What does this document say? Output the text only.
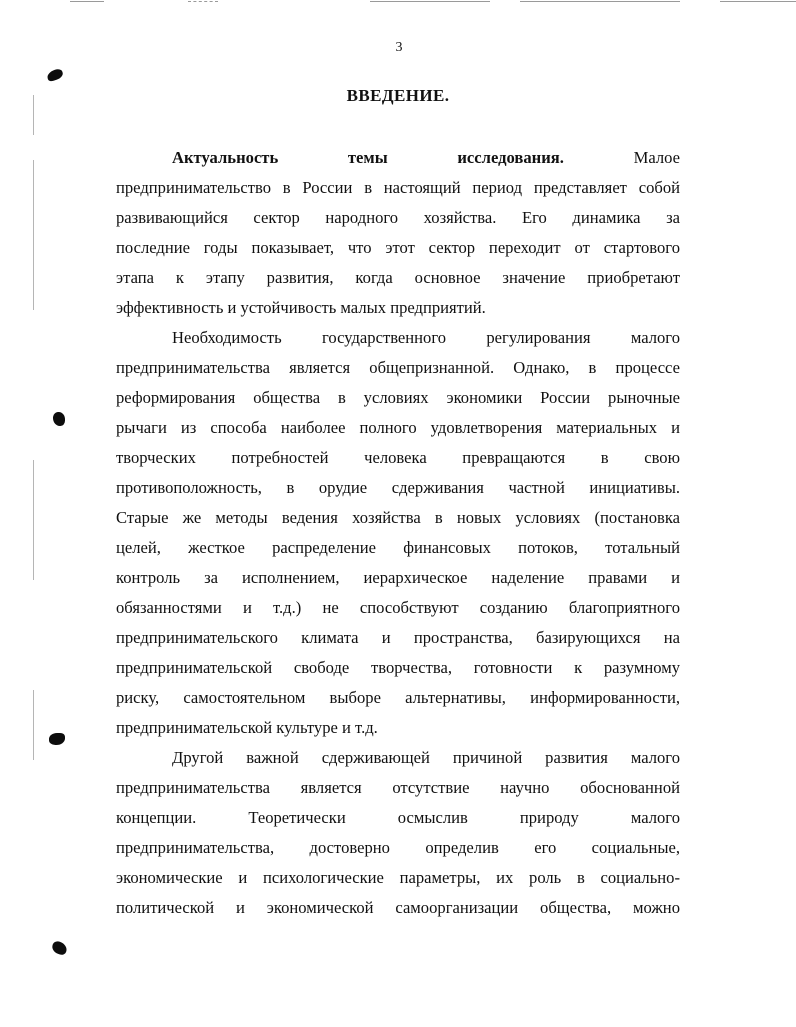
3
ВВЕДЕНИЕ.
Актуальность темы исследования.	Малое
предпринимательство в России в настоящий период представляет собой
развивающийся сектор народного хозяйства. Его динамика за
последние годы показывает, что этот сектор переходит от стартового
этапа к этапу развития, когда основное значение приобретают
эффективность и устойчивость малых предприятий.
Необходимость государственного регулирования малого
предпринимательства является общепризнанной. Однако, в процессе
реформирования общества в условиях экономики России рыночные
рычаги из способа наиболее полного удовлетворения материальных и
творческих потребностей человека превращаются в свою
противоположность, в орудие сдерживания частной инициативы.
Старые же методы ведения хозяйства в новых условиях (постановка
целей, жесткое распределение финансовых потоков, тотальный
контроль за исполнением, иерархическое наделение правами и
обязанностями и т.д.) не способствуют созданию благоприятного
предпринимательского климата и пространства, базирующихся на
предпринимательской свободе творчества, готовности к разумному
риску, самостоятельном выборе альтернативы, информированности,
предпринимательской культуре и т.д.
Другой важной сдерживающей причиной развития малого
предпринимательства является отсутствие научно обоснованной
концепции. Теоретически осмыслив природу малого
предпринимательства, достоверно определив его социальные,
экономические и психологические параметры, их роль в социально-
политической и экономической самоорганизации общества, можно
